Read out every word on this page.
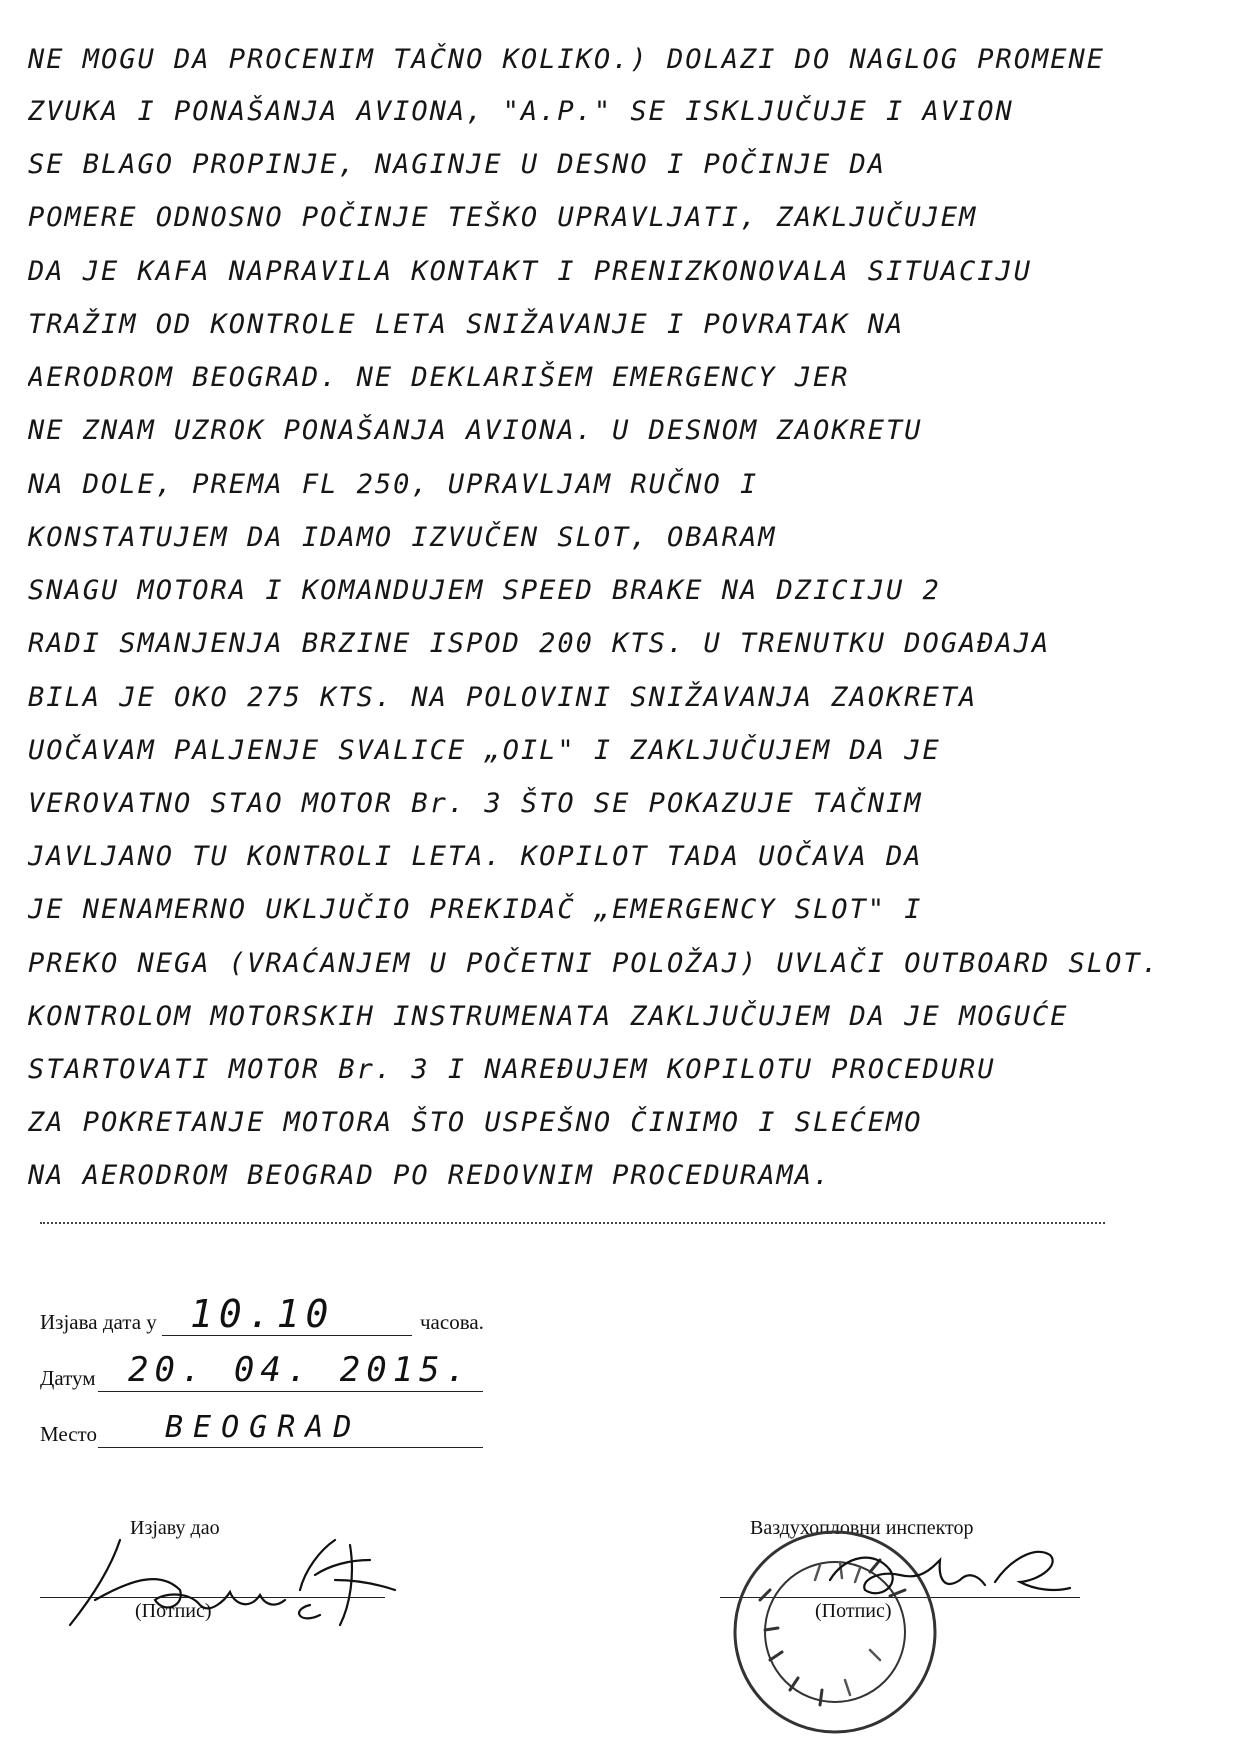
NE MOGU DA PROCENIM TAČNO KOLIKO.) DOLAZI DO NAGLOG PROMENE
ZVUKA I PONAŠANJA AVIONA, "A.P." SE ISKLJUČUJE I AVION
SE BLAGO PROPINJE, NAGINJE U DESNO I POČINJE DA
POMERE ODNOSNO POČINJE TEŠKO UPRAVLJATI, ZAKLJUČUJEM
DA JE KAFA NAPRAVILA KONTAKT I PRENIZKONOVALA SITUACIJU
TRAŽIM OD KONTROLE LETA SNIŽAVANJE I POVRATAK NA
AERODROM BEOGRAD. NE DEKLARIŠEM EMERGENCY JER
NE ZNAM UZROK PONAŠANJA AVIONA. U DESNOM ZAOKRETU
NA DOLE, PREMA FL 250, UPRAVLJAM RUČNO I
KONSTATUJEM DA IDAMO IZVUČEN SLOT, OBARAM
SNAGU MOTORA I KOMANDUJEM SPEED BRAKE NA DZICIJU 2
RADI SMANJENJA BRZINE ISPOD 200 KTS. U TRENUTKU DOGAĐAJA
BILA JE OKO 275 KTS. NA POLOVINI SNIŽAVANJA ZAOKRETA
UOČAVAM PALJENJE SVALICE „OIL" I ZAKLJUČUJEM DA JE
VEROVATNO STAO MOTOR Br. 3 ŠTO SE POKAZUJE TAČNIM
JAVLJANO TU KONTROLI LETA. KOPILOT TADA UOČAVA DA
JE NENAMERNO UKLJUČIO PREKIDAČ „EMERGENCY SLOT" I
PREKO NEGA (VRAĆANJEM U POČETNI POLOŽAJ) UVLAČI OUTBOARD SLOT.
KONTROLOM MOTORSKIH INSTRUMENATA ZAKLJUČUJEM DA JE MOGUĆE
STARTOVATI MOTOR Br. 3 I NAREĐUJEM KOPILOTU PROCEDURU
ZA POKRETANJE MOTORA ŠTO USPEŠNO ČINIMO I SLEĆEMO
NA AERODROM BEOGRAD PO REDOVNIM PROCEDURAMA.
Изјава дата у 10.10	часова.
Датум 20. 04. 2015.
Место BEOGRAD
Изјаву дао
(Потпис)
Ваздухопловни инспектор
(Потпис)
